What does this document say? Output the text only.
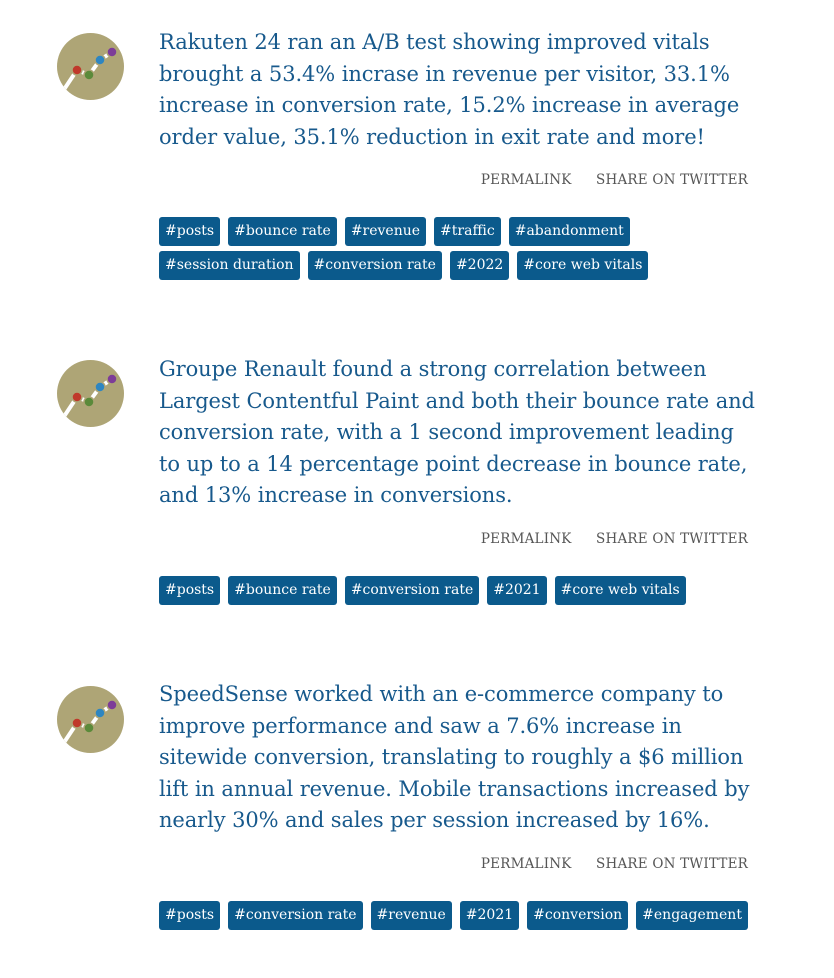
Rakuten 24 ran an A/B test showing improved vitals brought a 53.4% incrase in revenue per visitor, 33.1% increase in conversion rate, 15.2% increase in average order value, 35.1% reduction in exit rate and more!

PERMALINK SHARE ON TWITTER
#posts	#bounce rate	#revenue	#traffic	#abandonment
#session duration	#conversion rate	#2022	#core web vitals

Groupe Renault found a strong correlation between Largest Contentful Paint and both their bounce rate and conversion rate, with a 1 second improvement leading to up to a 14 percentage point decrease in bounce rate, and 13% increase in conversions.

PERMALINK SHARE ON TWITTER
#posts	#bounce rate	#conversion rate	#2021	#core web vitals

SpeedSense worked with an e-commerce company to improve performance and saw a 7.6% increase in sitewide conversion, translating to roughly a $6 million lift in annual revenue. Mobile transactions increased by nearly 30% and sales per session increased by 16%.

PERMALINK SHARE ON TWITTER
#posts	#conversion rate	#revenue	#2021	#conversion	#engagement
